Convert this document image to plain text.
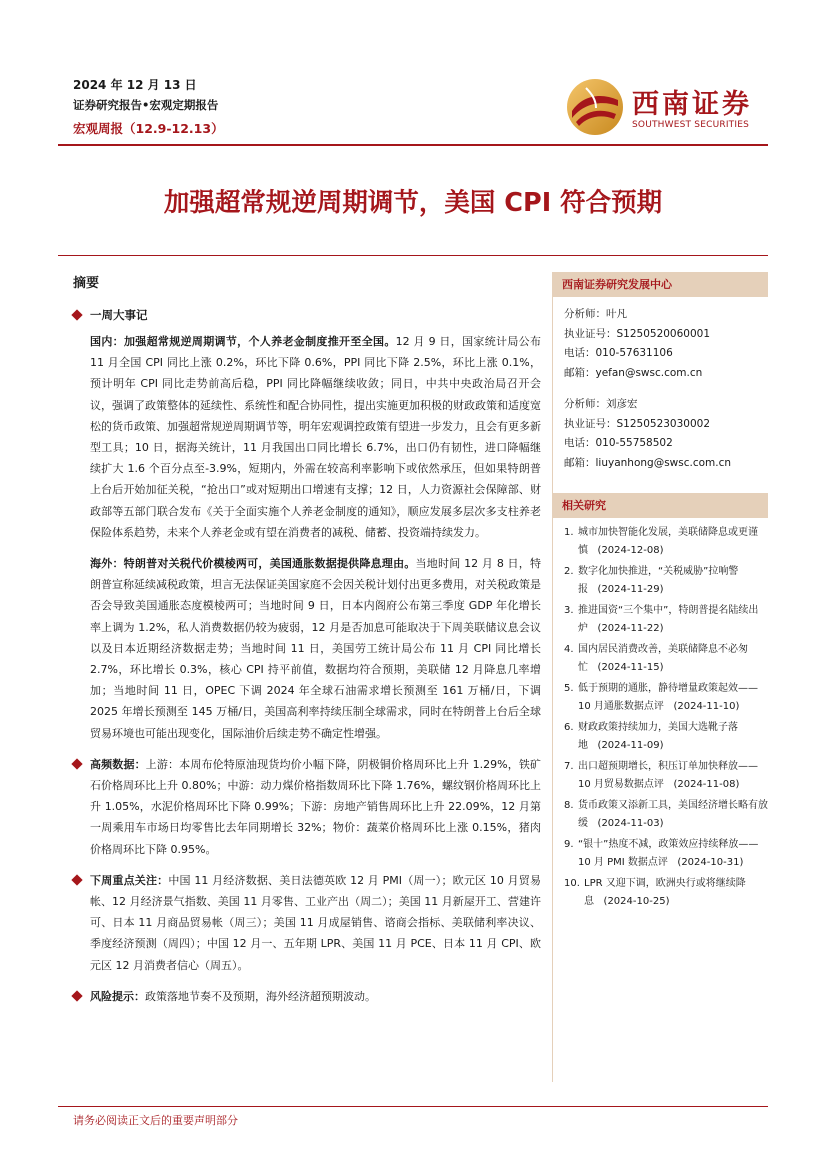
2024 年 12 月 13 日
证券研究报告•宏观定期报告
宏观周报（12.9-12.13）
西南证券
SOUTHWEST SECURITIES
加强超常规逆周期调节，美国 CPI 符合预期
摘要
一周大事记
国内：加强超常规逆周期调节，个人养老金制度推开至全国。12 月 9 日，国家统计局公布 11 月全国 CPI 同比上涨 0.2%，环比下降 0.6%，PPI 同比下降 2.5%，环比上涨 0.1%，预计明年 CPI 同比走势前高后稳，PPI 同比降幅继续收敛；同日，中共中央政治局召开会议，强调了政策整体的延续性、系统性和配合协同性，提出实施更加积极的财政政策和适度宽松的货币政策、加强超常规逆周期调节等，明年宏观调控政策有望进一步发力，且会有更多新型工具；10 日，据海关统计，11 月我国出口同比增长 6.7%，出口仍有韧性，进口降幅继续扩大 1.6 个百分点至-3.9%，短期内，外需在较高利率影响下或依然承压，但如果特朗普上台后开始加征关税，“抢出口”或对短期出口增速有支撑；12 日，人力资源社会保障部、财政部等五部门联合发布《关于全面实施个人养老金制度的通知》，顺应发展多层次多支柱养老保险体系趋势，未来个人养老金或有望在消费者的减税、储蓄、投资端持续发力。
海外：特朗普对关税代价模棱两可，美国通胀数据提供降息理由。当地时间 12 月 8 日，特朗普宣称延续减税政策，坦言无法保证美国家庭不会因关税计划付出更多费用，对关税政策是否会导致美国通胀态度模棱两可；当地时间 9 日，日本内阁府公布第三季度 GDP 年化增长率上调为 1.2%，私人消费数据仍较为疲弱，12 月是否加息可能取决于下周美联储议息会议以及日本近期经济数据走势；当地时间 11 日，美国劳工统计局公布 11 月 CPI 同比增长 2.7%，环比增长 0.3%，核心 CPI 持平前值，数据均符合预期，美联储 12 月降息几率增加；当地时间 11 日，OPEC 下调 2024 年全球石油需求增长预测至 161 万桶/日，下调 2025 年增长预测至 145 万桶/日，美国高利率持续压制全球需求，同时在特朗普上台后全球贸易环境也可能出现变化，国际油价后续走势不确定性增强。
高频数据：上游：本周布伦特原油现货均价小幅下降，阴极铜价格周环比上升 1.29%，铁矿石价格周环比上升 0.80%；中游：动力煤价格指数周环比下降 1.76%，螺纹钢价格周环比上升 1.05%，水泥价格周环比下降 0.99%；下游：房地产销售周环比上升 22.09%，12 月第一周乘用车市场日均零售比去年同期增长 32%；物价：蔬菜价格周环比上涨 0.15%，猪肉价格周环比下降 0.95%。
下周重点关注：中国 11 月经济数据、美日法德英欧 12 月 PMI（周一）；欧元区 10 月贸易帐、12 月经济景气指数、美国 11 月零售、工业产出（周二）；美国 11 月新屋开工、营建许可、日本 11 月商品贸易帐（周三）；美国 11 月成屋销售、谘商会指标、美联储利率决议、季度经济预测（周四）；中国 12 月一、五年期 LPR、美国 11 月 PCE、日本 11 月 CPI、欧元区 12 月消费者信心（周五）。
风险提示：政策落地节奏不及预期，海外经济超预期波动。
西南证券研究发展中心
分析师：叶凡
执业证号：S1250520060001
电话：010-57631106
邮箱：yefan@swsc.com.cn
分析师：刘彦宏
执业证号：S1250523030002
电话：010-55758502
邮箱：liuyanhong@swsc.com.cn
相关研究
1. 城市加快智能化发展，美联储降息或更谨慎 (2024-12-08)
2. 数字化加快推进，“关税威胁”拉响警报 (2024-11-29)
3. 推进国资“三个集中”，特朗普提名陆续出炉 (2024-11-22)
4. 国内居民消费改善，美联储降息不必匆忙 (2024-11-15)
5. 低于预期的通胀，静待增量政策起效——10 月通胀数据点评 (2024-11-10)
6. 财政政策持续加力，美国大选靴子落地 (2024-11-09)
7. 出口超预期增长，积压订单加快释放——10 月贸易数据点评 (2024-11-08)
8. 货币政策又添新工具，美国经济增长略有放缓 (2024-11-03)
9. “银十”热度不减，政策效应持续释放——10 月 PMI 数据点评 (2024-10-31)
10. LPR 又迎下调，欧洲央行或将继续降息 (2024-10-25)
请务必阅读正文后的重要声明部分
